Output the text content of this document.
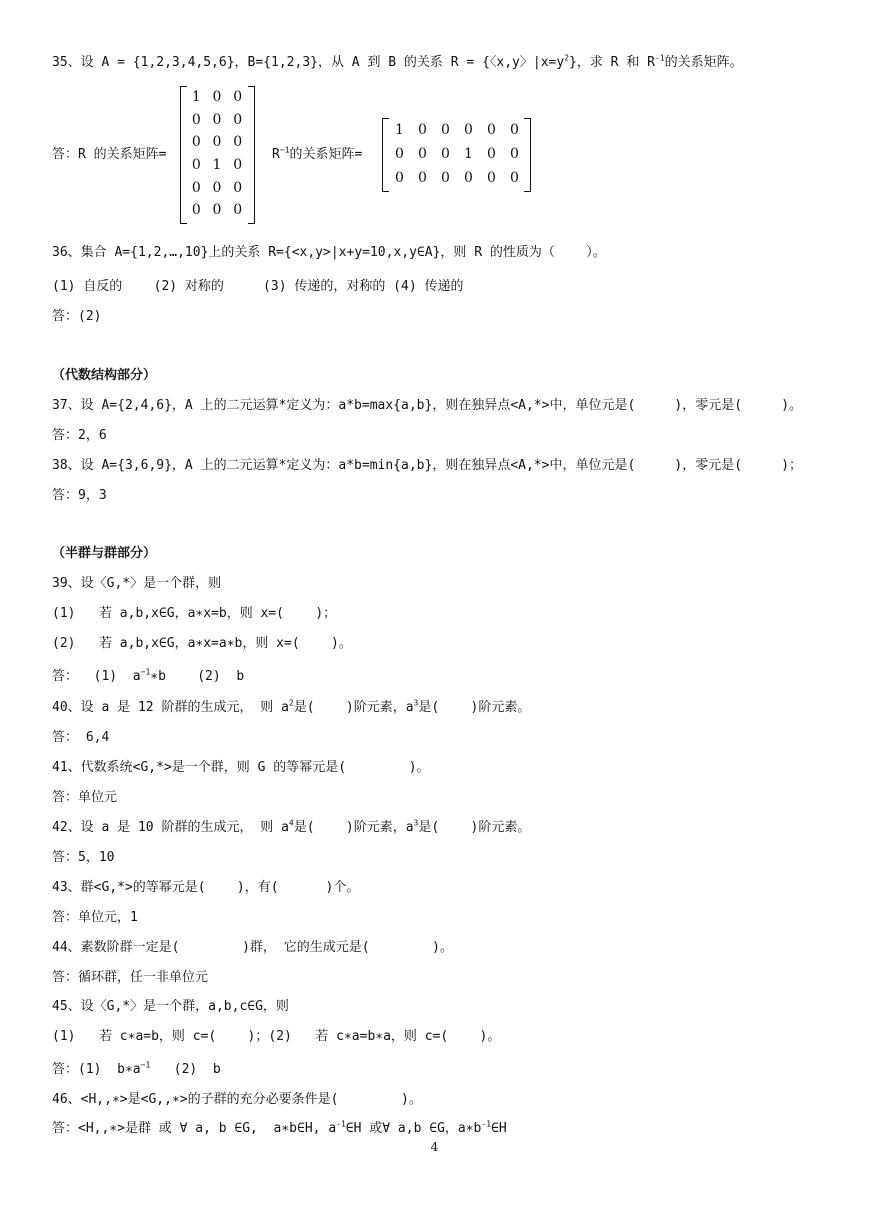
35、设 A = {1,2,3,4,5,6}，B={1,2,3}，从 A 到 B 的关系 R = {〈x,y〉$|x=y^2$}，求 R 和 $R^{-1}$的关系矩阵。
答：R 的关系矩阵=
1 0 0
0 0 0
0 0 0
0 1 0
0 0 0
0 0 0
$R^{-1}$的关系矩阵=
1	0	0	0	0	0
0	0	0	1	0	0
0	0	0	0	0	0
36、集合 A={1,2,…,10}上的关系 R={<x,y>|x+y=10,x,y∈A}，则 R 的性质为（    ）。
(1) 自反的    (2) 对称的     (3) 传递的，对称的 (4) 传递的
答：(2)
（代数结构部分）
37、设 A={2,4,6}，A 上的二元运算*定义为：a*b=max{a,b}，则在独异点<A,*>中，单位元是(     )，零元是(     )。
答：2，6
38、设 A={3,6,9}，A 上的二元运算*定义为：a*b=min{a,b}，则在独异点<A,*>中，单位元是(     )，零元是(     )；
答：9，3
（半群与群部分）
39、设〈G,*〉是一个群，则
(1)   若 a,b,x∈G，a∗x=b，则 x=(    )；
(2)   若 a,b,x∈G，a∗x=a∗b，则 x=(    )。
答：  (1)  $a^{-1}∗b$    (2)  b
40、设 a 是 12 阶群的生成元， 则 $a^2$是(    )阶元素，$a^3$是(    )阶元素。
答： 6,4
41、代数系统<G,*>是一个群，则 G 的等幂元是(        )。
答：单位元
42、设 a 是 10 阶群的生成元， 则 $a^4$是(    )阶元素，$a^3$是(    )阶元素。
答：5，10
43、群<G,*>的等幂元是(    )，有(      )个。
答：单位元，1
44、素数阶群一定是(        )群， 它的生成元是(        )。
答：循环群，任一非单位元
45、设〈G,*〉是一个群，a,b,c∈G，则
(1)   若 c∗a=b，则 c=(    )；(2)   若 c∗a=b∗a，则 c=(    )。
答：(1)  $b∗a^{-1}$   (2)  b
46、<H,,∗>是<G,,∗>的子群的充分必要条件是(        )。
答：<H,,∗>是群 或 ∀ a, b ∈G,  a∗b∈H, $a^{-1}\in H$ 或∀ a,b ∈G，$a∗b^{-1}\in H$
4
